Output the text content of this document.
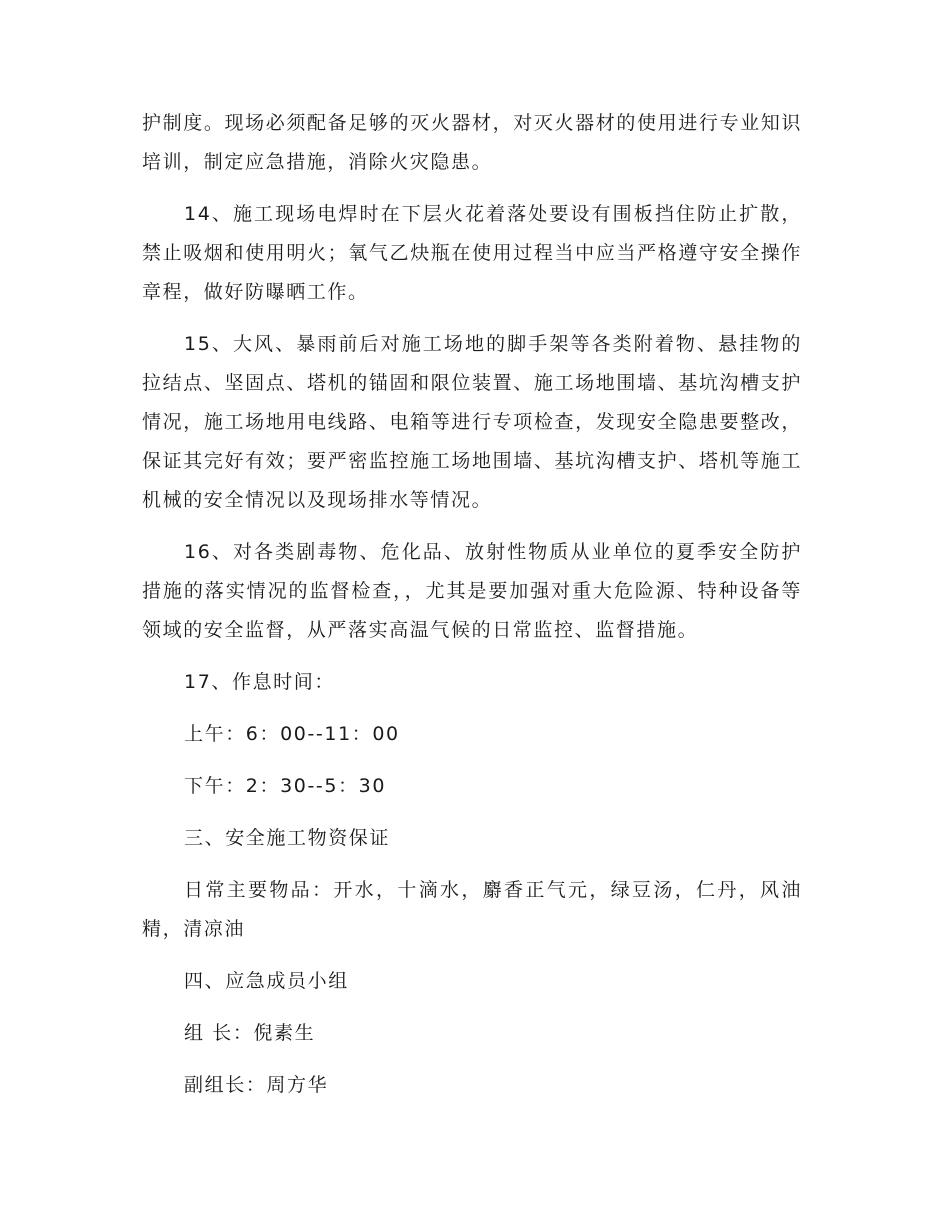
护制度。现场必须配备足够的灭火器材，对灭火器材的使用进行专业知识培训，制定应急措施，消除火灾隐患。

14、施工现场电焊时在下层火花着落处要设有围板挡住防止扩散，禁止吸烟和使用明火；氧气乙炔瓶在使用过程当中应当严格遵守安全操作章程，做好防曝晒工作。

15、大风、暴雨前后对施工场地的脚手架等各类附着物、悬挂物的拉结点、坚固点、塔机的锚固和限位装置、施工场地围墙、基坑沟槽支护情况，施工场地用电线路、电箱等进行专项检查，发现安全隐患要整改，保证其完好有效；要严密监控施工场地围墙、基坑沟槽支护、塔机等施工机械的安全情况以及现场排水等情况。

16、对各类剧毒物、危化品、放射性物质从业单位的夏季安全防护措施的落实情况的监督检查，，尤其是要加强对重大危险源、特种设备等领域的安全监督，从严落实高温气候的日常监控、监督措施。

17、作息时间：

上午：6：00--11：00

下午：2：30--5：30

三、安全施工物资保证

日常主要物品：开水，十滴水，麝香正气元，绿豆汤，仁丹，风油精，清凉油

四、应急成员小组

组 长：倪素生

副组长：周方华
